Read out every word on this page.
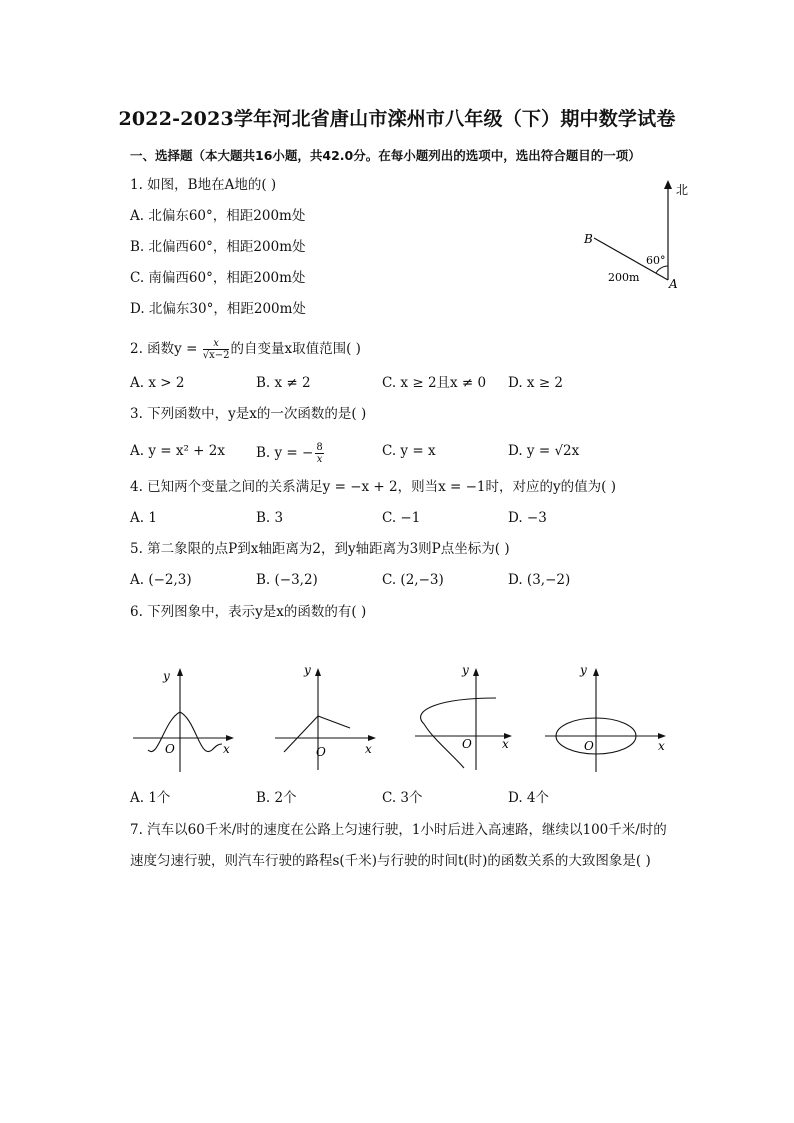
2022-2023学年河北省唐山市滦州市八年级（下）期中数学试卷
一、选择题（本大题共16小题，共42.0分。在每小题列出的选项中，选出符合题目的一项）
1. 如图，B地在A地的( )
A. 北偏东60°，相距200m处
B. 北偏西60°，相距200m处
C. 南偏西60°，相距200m处
D. 北偏东30°，相距200m处
北
B
A
60°
200m
2. 函数$y = \frac{x}{√x-2}$ 的自变量x取值范围( )
A. x > 2	B. x ≠ 2	C. x ≥ 2且x ≠ 0 D. x ≥ 2
3. 下列函数中，y是x的一次函数的是( )
A. y = x² + 2x B. y = − $\frac{8}{x}$	C. y = x	D. y = √2x
4. 已知两个变量之间的关系满足y = −x + 2，则当x = −1时，对应的y的值为( )
A. 1	B. 3	C. −1	D. −3
5. 第二象限的点P到x轴距离为2，到y轴距离为3则P点坐标为( )
A. (−2,3)	B. (−3,2)	C. (2,−3)	D. (3,−2)
6. 下列图象中，表示y是x的函数的有( )
y
x
O
y
x
O
y
x
O
y
x
O
A. 1个	B. 2个	C. 3个	D. 4个
7. 汽车以60千米/时的速度在公路上匀速行驶，1小时后进入高速路，继续以100千米/时的
速度匀速行驶，则汽车行驶的路程s(千米)与行驶的时间t(时)的函数关系的大致图象是( )
